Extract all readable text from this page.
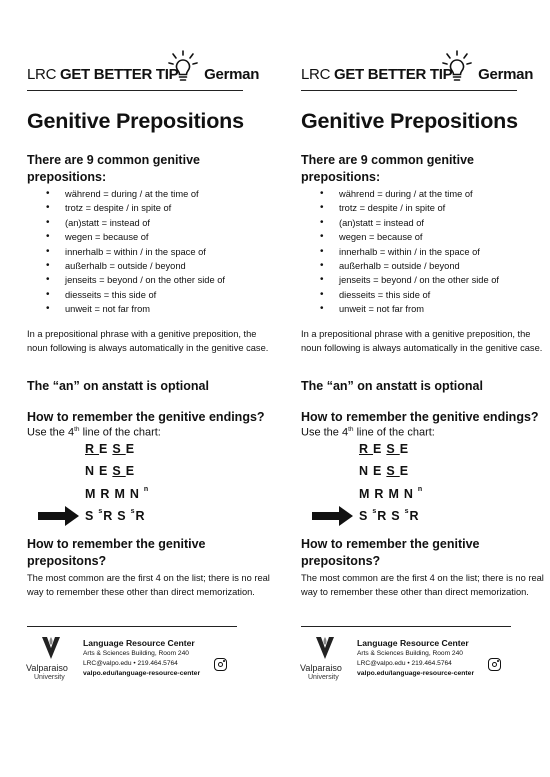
LRC GET BETTER TIP German
Genitive Prepositions
There are 9 common genitive prepositions:
• während = during / at the time of
• trotz = despite / in spite of
• (an)statt = instead of
• wegen = because of
• innerhalb = within / in the space of
• außerhalb = outside / beyond
• jenseits = beyond / on the other side of
• diesseits = this side of
• unweit = not far from
In a prepositional phrase with a genitive preposition, the noun following is always automatically in the genitive case.
The “an” on anstatt is optional
How to remember the genitive endings?
Use the 4th line of the chart:
RESE
NESE
MRMN$^n$
$S^sRS^sR$
How to remember the genitive prepositons?
The most common are the first 4 on the list; there is no real way to remember these other than direct memorization.
Valparaiso
University
Language Resource Center
Arts & Sciences Building, Room 240
LRC@valpo.edu • 219.464.5764
valpo.edu/language-resource-center
LRC GET BETTER TIP German
Genitive Prepositions
There are 9 common genitive prepositions:
• während = during / at the time of
• trotz = despite / in spite of
• (an)statt = instead of
• wegen = because of
• innerhalb = within / in the space of
• außerhalb = outside / beyond
• jenseits = beyond / on the other side of
• diesseits = this side of
• unweit = not far from
In a prepositional phrase with a genitive preposition, the noun following is always automatically in the genitive case.
The “an” on anstatt is optional
How to remember the genitive endings?
Use the 4th line of the chart:
RESE
NESE
MRMN$^n$
$S^sRS^sR$
How to remember the genitive prepositons?
The most common are the first 4 on the list; there is no real way to remember these other than direct memorization.
Valparaiso
University
Language Resource Center
Arts & Sciences Building, Room 240
LRC@valpo.edu • 219.464.5764
valpo.edu/language-resource-center
